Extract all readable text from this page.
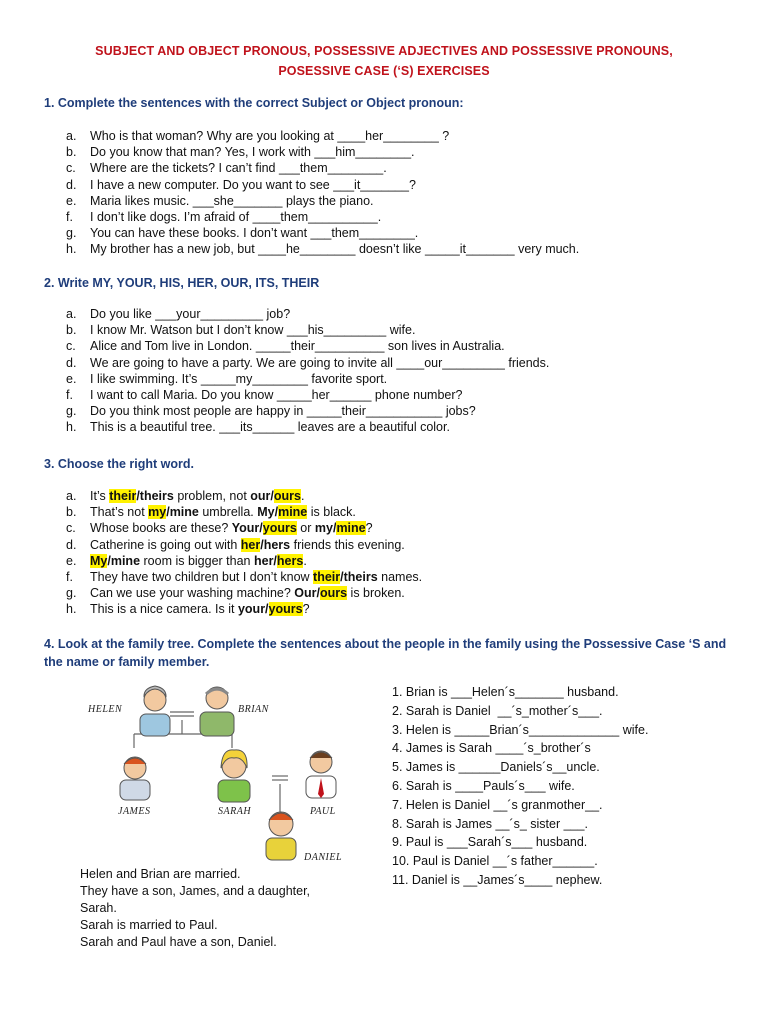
SUBJECT AND OBJECT PRONOUS, POSSESSIVE ADJECTIVES AND POSSESSIVE PRONOUNS,
POSESSIVE CASE (‘S) EXERCISES
1. Complete the sentences with the correct Subject or Object pronoun:
a. Who is that woman? Why are you looking at ____her________ ?
b. Do you know that man? Yes, I work with ___him________.
c. Where are the tickets? I can’t find ___them________.
d. I have a new computer. Do you want to see ___it_______?
e. Maria likes music. ___she_______ plays the piano.
f. I don’t like dogs. I’m afraid of ____them__________.
g. You can have these books. I don’t want ___them________.
h. My brother has a new job, but ____he________ doesn’t like _____it_______ very much.
2. Write MY, YOUR, HIS, HER, OUR, ITS, THEIR
a. Do you like ___your_________ job?
b. I know Mr. Watson but I don’t know ___his_________ wife.
c. Alice and Tom live in London. _____their__________ son lives in Australia.
d. We are going to have a party. We are going to invite all ____our_________ friends.
e. I like swimming. It’s _____my________ favorite sport.
f. I want to call Maria. Do you know _____her______ phone number?
g. Do you think most people are happy in _____their___________ jobs?
h. This is a beautiful tree. ___its______ leaves are a beautiful color.
3. Choose the right word.
a. It’s their/theirs problem, not our/ours.
b. That’s not my/mine umbrella. My/mine is black.
c. Whose books are these? Your/yours or my/mine?
d. Catherine is going out with her/hers friends this evening.
e. My/mine room is bigger than her/hers.
f. They have two children but I don’t know their/theirs names.
g. Can we use your washing machine? Our/ours is broken.
h. This is a nice camera. Is it your/yours?
4. Look at the family tree. Complete the sentences about the people in the family using the Possessive Case ‘S and the name or family member.
HELEN	BRIAN
JAMES	SARAH	PAUL
DANIEL
Helen and Brian are married.
They have a son, James, and a daughter,
Sarah.
Sarah is married to Paul.
Sarah and Paul have a son, Daniel.
1. Brian is ___Helen´s_______ husband.
2. Sarah is Daniel  __´s_mother´s___.
3. Helen is _____Brian´s_____________ wife.
4. James is Sarah ____´s_brother´s
5. James is ______Daniels´s__uncle.
6. Sarah is ____Pauls´s___ wife.
7. Helen is Daniel __´s granmother__.
8. Sarah is James __´s_ sister ___.
9. Paul is ___Sarah´s___ husband.
10. Paul is Daniel __´s father______.
11. Daniel is __James´s____ nephew.
